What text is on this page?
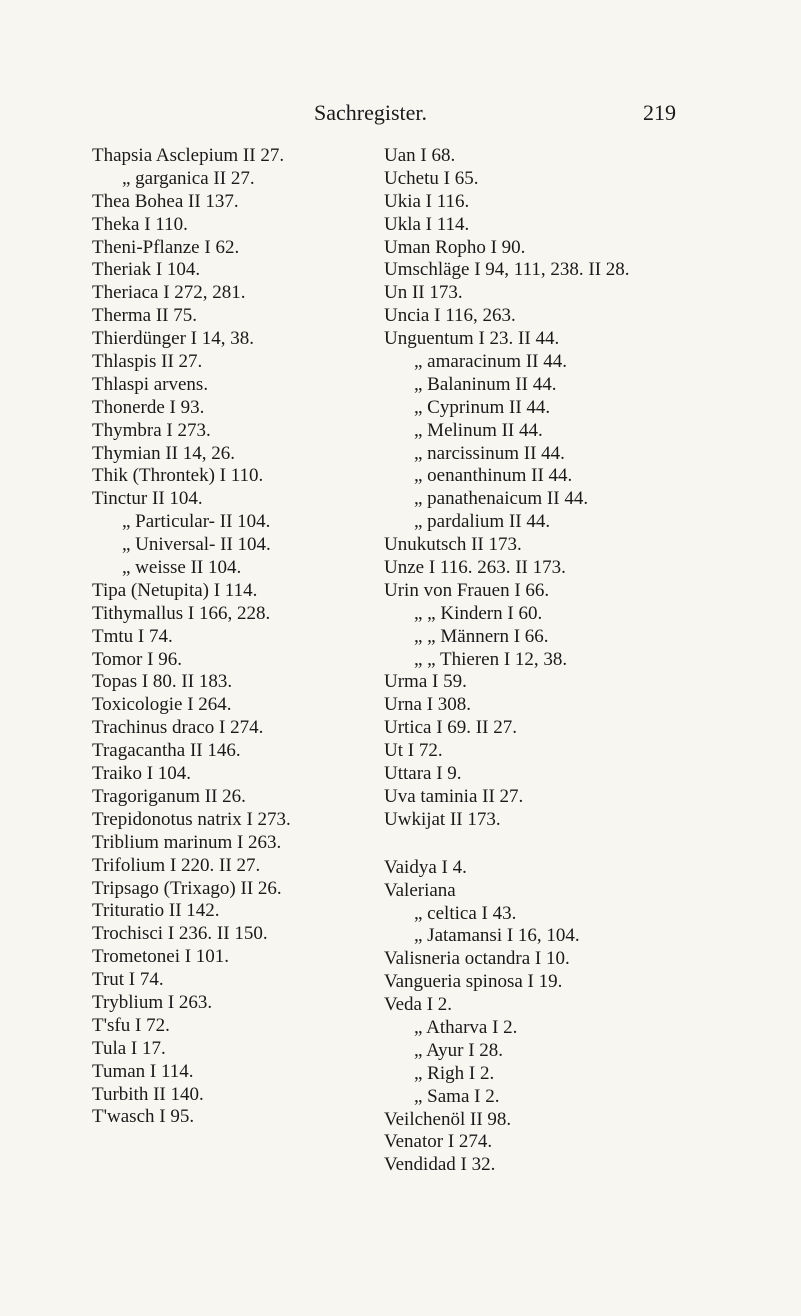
Sachregister.	219
Thapsia Asclepium II 27.
„ garganica II 27.
Thea Bohea II 137.
Theka I 110.
Theni-Pflanze I 62.
Theriak I 104.
Theriaca I 272, 281.
Therma II 75.
Thierdünger I 14, 38.
Thlaspis II 27.
Thlaspi arvens.
Thonerde I 93.
Thymbra I 273.
Thymian II 14, 26.
Thik (Throntek) I 110.
Tinctur II 104.
„ Particular- II 104.
„ Universal- II 104.
„ weisse II 104.
Tipa (Netupita) I 114.
Tithymallus I 166, 228.
Tmtu I 74.
Tomor I 96.
Topas I 80. II 183.
Toxicologie I 264.
Trachinus draco I 274.
Tragacantha II 146.
Traiko I 104.
Tragoriganum II 26.
Trepidonotus natrix I 273.
Triblium marinum I 263.
Trifolium I 220. II 27.
Tripsago (Trixago) II 26.
Trituratio II 142.
Trochisci I 236. II 150.
Trometonei I 101.
Trut I 74.
Tryblium I 263.
T'sfu I 72.
Tula I 17.
Tuman I 114.
Turbith II 140.
T'wasch I 95.
Uan I 68.
Uchetu I 65.
Ukia I 116.
Ukla I 114.
Uman Ropho I 90.
Umschläge I 94, 111, 238. II 28.
Un II 173.
Uncia I 116, 263.
Unguentum I 23. II 44.
„ amaracinum II 44.
„ Balaninum II 44.
„ Cyprinum II 44.
„ Melinum II 44.
„ narcissinum II 44.
„ oenanthinum II 44.
„ panathenaicum II 44.
„ pardalium II 44.
Unukutsch II 173.
Unze I 116. 263. II 173.
Urin von Frauen I 66.
„ „ Kindern I 60.
„ „ Männern I 66.
„ „ Thieren I 12, 38.
Urma I 59.
Urna I 308.
Urtica I 69. II 27.
Ut I 72.
Uttara I 9.
Uva taminia II 27.
Uwkijat II 173.
Vaidya I 4.
Valeriana
„ celtica I 43.
„ Jatamansi I 16, 104.
Valisneria octandra I 10.
Vangueria spinosa I 19.
Veda I 2.
„ Atharva I 2.
„ Ayur I 28.
„ Righ I 2.
„ Sama I 2.
Veilchenöl II 98.
Venator I 274.
Vendidad I 32.
